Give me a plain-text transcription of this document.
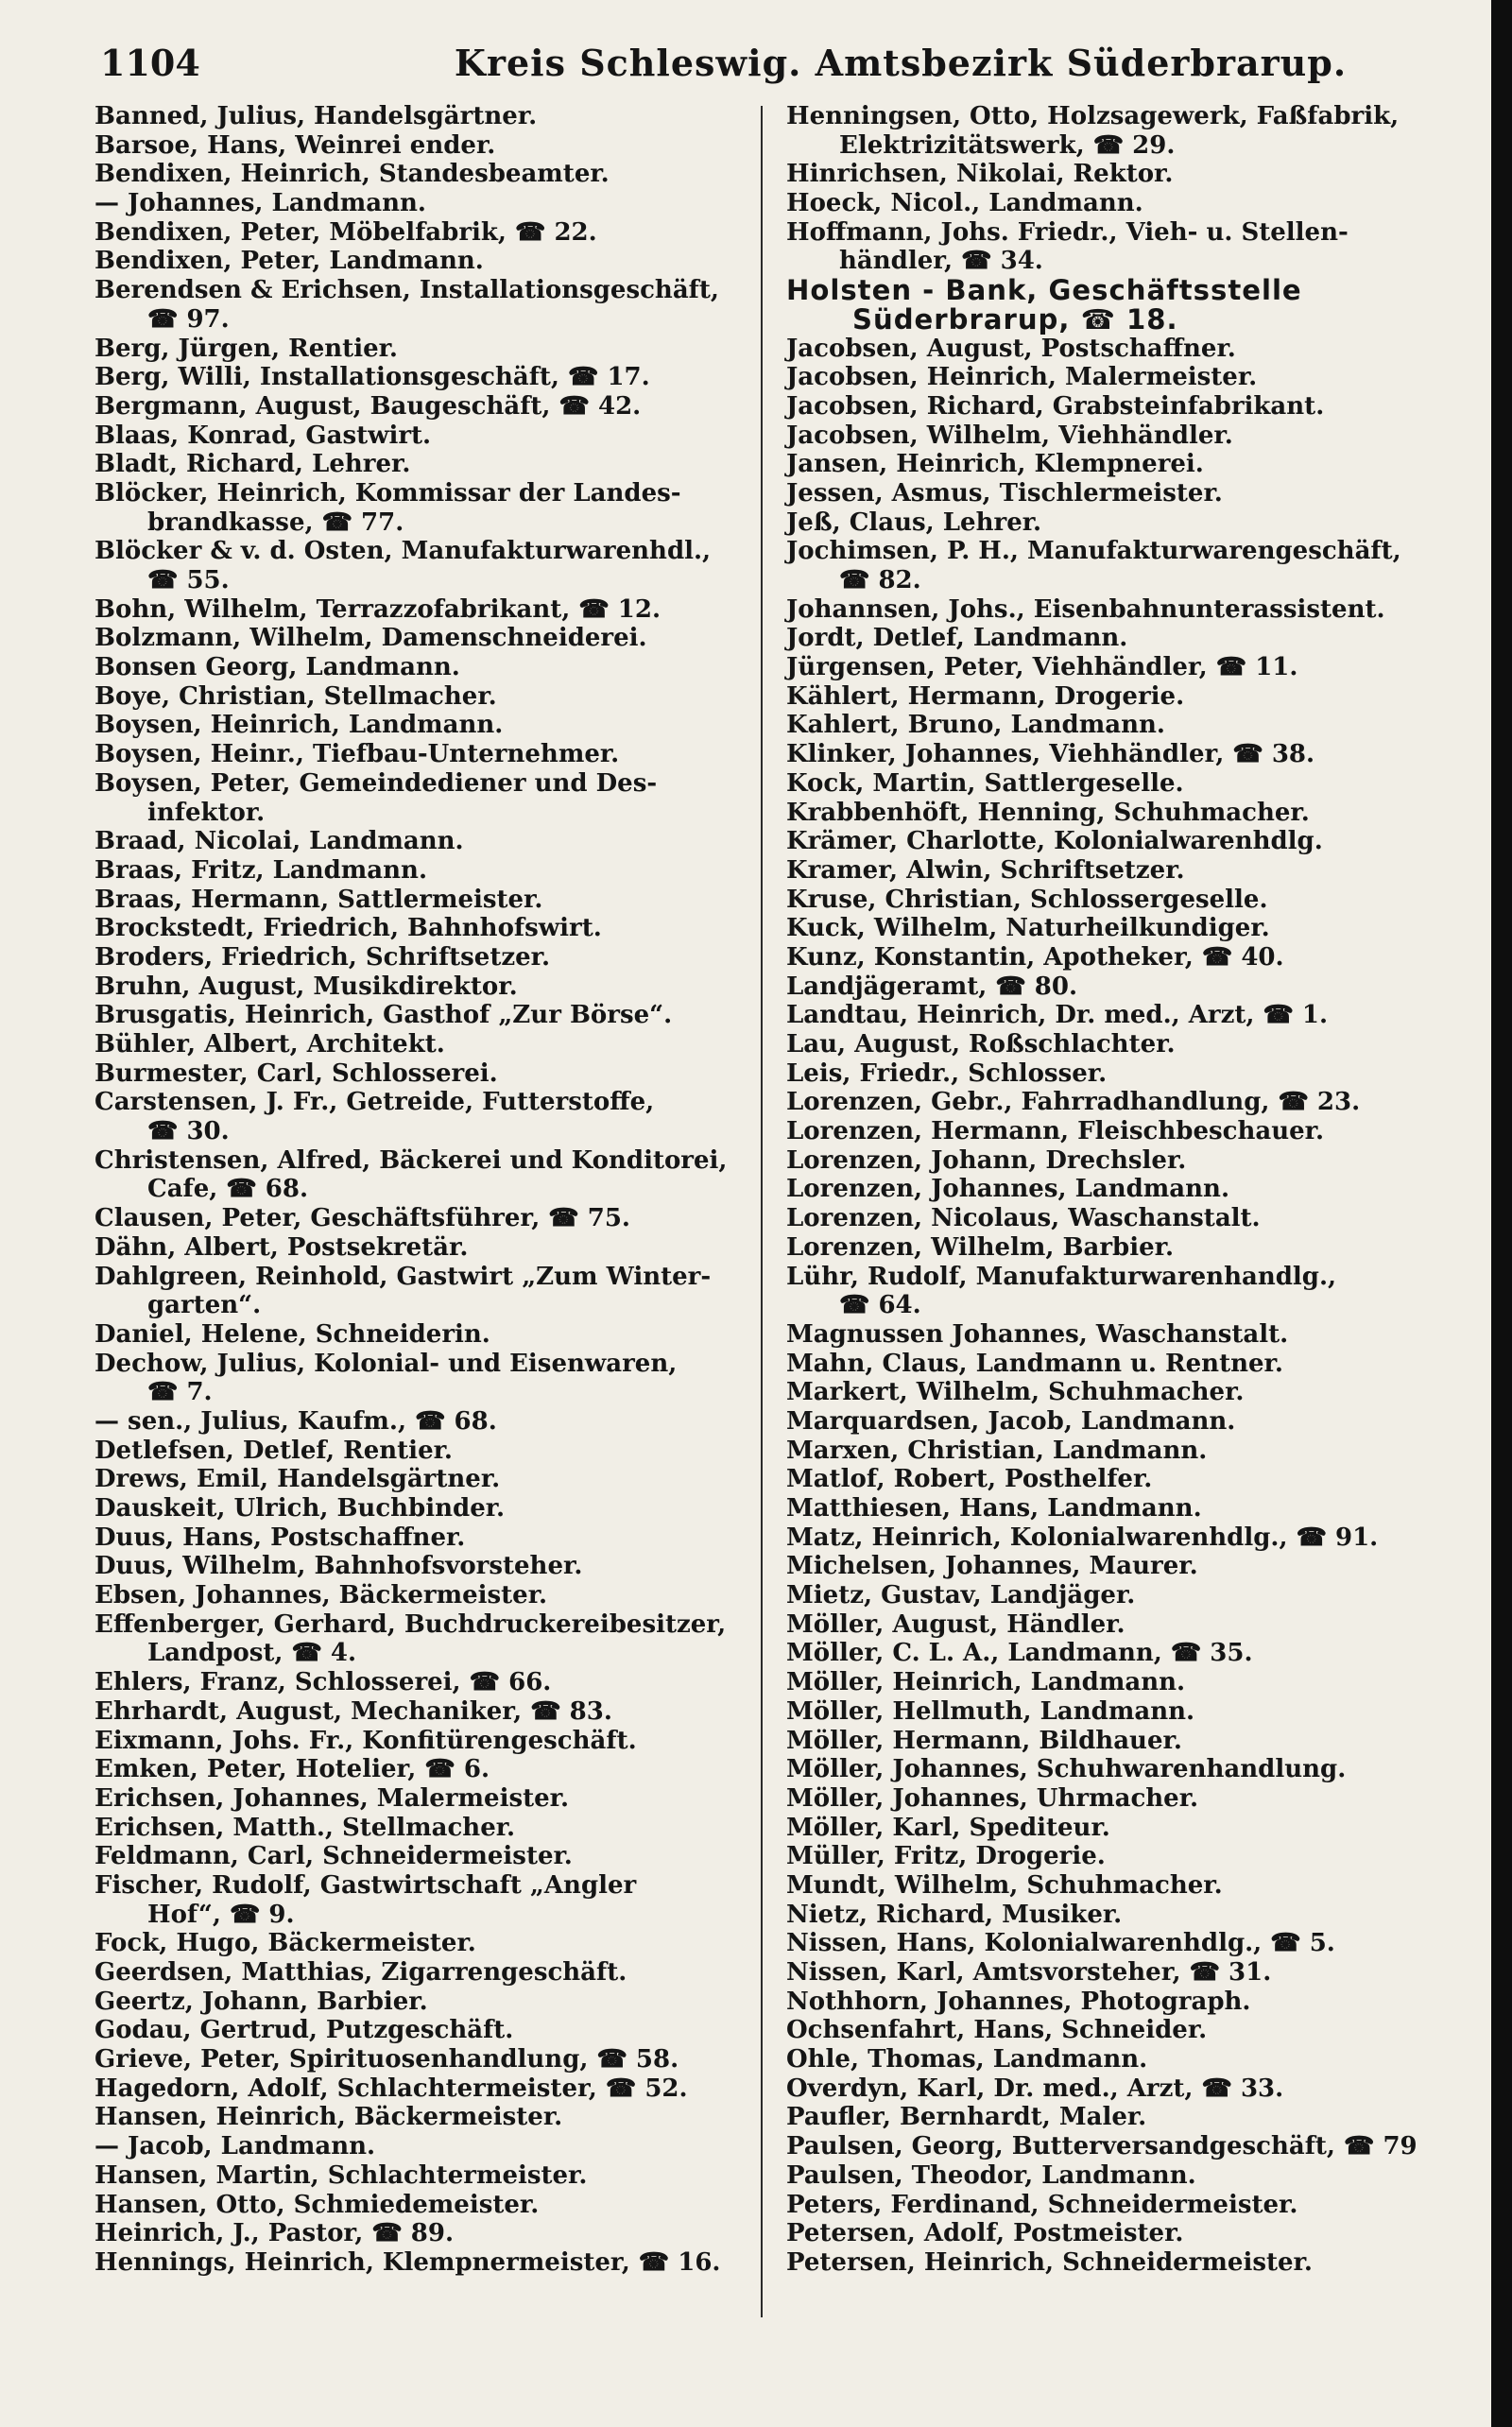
1104	Kreis Schleswig. Amtsbezirk Süderbrarup.

Banned, Julius, Handelsgärtner.

Barsoe, Hans, Weinrei ender.

Bendixen, Heinrich, Standesbeamter.

— Johannes, Landmann.

Bendixen, Peter, Möbelfabrik, ☎ 22.

Bendixen, Peter, Landmann.

Berendsen & Erichsen, Installationsgeschäft,

☎ 97.

Berg, Jürgen, Rentier.

Berg, Willi, Installationsgeschäft, ☎ 17.

Bergmann, August, Baugeschäft, ☎ 42.

Blaas, Konrad, Gastwirt.

Bladt, Richard, Lehrer.

Blöcker, Heinrich, Kommissar der Landes-

brandkasse, ☎ 77.

Blöcker & v. d. Osten, Manufakturwarenhdl.,

☎ 55.

Bohn, Wilhelm, Terrazzofabrikant, ☎ 12.

Bolzmann, Wilhelm, Damenschneiderei.

Bonsen Georg, Landmann.

Boye, Christian, Stellmacher.

Boysen, Heinrich, Landmann.

Boysen, Heinr., Tiefbau-Unternehmer.

Boysen, Peter, Gemeindediener und Des-

infektor.

Braad, Nicolai, Landmann.

Braas, Fritz, Landmann.

Braas, Hermann, Sattlermeister.

Brockstedt, Friedrich, Bahnhofswirt.

Broders, Friedrich, Schriftsetzer.

Bruhn, August, Musikdirektor.

Brusgatis, Heinrich, Gasthof „Zur Börse“.

Bühler, Albert, Architekt.

Burmester, Carl, Schlosserei.

Carstensen, J. Fr., Getreide, Futterstoffe,

☎ 30.

Christensen, Alfred, Bäckerei und Konditorei,

Cafe, ☎ 68.

Clausen, Peter, Geschäftsführer, ☎ 75.

Dähn, Albert, Postsekretär.

Dahlgreen, Reinhold, Gastwirt „Zum Winter-

garten“.

Daniel, Helene, Schneiderin.

Dechow, Julius, Kolonial- und Eisenwaren,

☎ 7.

— sen., Julius, Kaufm., ☎ 68.

Detlefsen, Detlef, Rentier.

Drews, Emil, Handelsgärtner.

Dauskeit, Ulrich, Buchbinder.

Duus, Hans, Postschaffner.

Duus, Wilhelm, Bahnhofsvorsteher.

Ebsen, Johannes, Bäckermeister.

Effenberger, Gerhard, Buchdruckereibesitzer,

Landpost, ☎ 4.

Ehlers, Franz, Schlosserei, ☎ 66.

Ehrhardt, August, Mechaniker, ☎ 83.

Eixmann, Johs. Fr., Konfitürengeschäft.

Emken, Peter, Hotelier, ☎ 6.

Erichsen, Johannes, Malermeister.

Erichsen, Matth., Stellmacher.

Feldmann, Carl, Schneidermeister.

Fischer, Rudolf, Gastwirtschaft „Angler

Hof“, ☎ 9.

Fock, Hugo, Bäckermeister.

Geerdsen, Matthias, Zigarrengeschäft.

Geertz, Johann, Barbier.

Godau, Gertrud, Putzgeschäft.

Grieve, Peter, Spirituosenhandlung, ☎ 58.

Hagedorn, Adolf, Schlachtermeister, ☎ 52.

Hansen, Heinrich, Bäckermeister.

— Jacob, Landmann.

Hansen, Martin, Schlachtermeister.

Hansen, Otto, Schmiedemeister.

Heinrich, J., Pastor, ☎ 89.

Hennings, Heinrich, Klempnermeister, ☎ 16.

Henningsen, Otto, Holzsagewerk, Faßfabrik,

Elektrizitätswerk, ☎ 29.

Hinrichsen, Nikolai, Rektor.

Hoeck, Nicol., Landmann.

Hoffmann, Johs. Friedr., Vieh- u. Stellen-

händler, ☎ 34.

Holsten - Bank, Geschäftsstelle

Süderbrarup, ☎ 18.

Jacobsen, August, Postschaffner.

Jacobsen, Heinrich, Malermeister.

Jacobsen, Richard, Grabsteinfabrikant.

Jacobsen, Wilhelm, Viehhändler.

Jansen, Heinrich, Klempnerei.

Jessen, Asmus, Tischlermeister.

Jeß, Claus, Lehrer.

Jochimsen, P. H., Manufakturwarengeschäft,

☎ 82.

Johannsen, Johs., Eisenbahnunterassistent.

Jordt, Detlef, Landmann.

Jürgensen, Peter, Viehhändler, ☎ 11.

Kählert, Hermann, Drogerie.

Kahlert, Bruno, Landmann.

Klinker, Johannes, Viehhändler, ☎ 38.

Kock, Martin, Sattlergeselle.

Krabbenhöft, Henning, Schuhmacher.

Krämer, Charlotte, Kolonialwarenhdlg.

Kramer, Alwin, Schriftsetzer.

Kruse, Christian, Schlossergeselle.

Kuck, Wilhelm, Naturheilkundiger.

Kunz, Konstantin, Apotheker, ☎ 40.

Landjägeramt, ☎ 80.

Landtau, Heinrich, Dr. med., Arzt, ☎ 1.

Lau, August, Roßschlachter.

Leis, Friedr., Schlosser.

Lorenzen, Gebr., Fahrradhandlung, ☎ 23.

Lorenzen, Hermann, Fleischbeschauer.

Lorenzen, Johann, Drechsler.

Lorenzen, Johannes, Landmann.

Lorenzen, Nicolaus, Waschanstalt.

Lorenzen, Wilhelm, Barbier.

Lühr, Rudolf, Manufakturwarenhandlg.,

☎ 64.

Magnussen Johannes, Waschanstalt.

Mahn, Claus, Landmann u. Rentner.

Markert, Wilhelm, Schuhmacher.

Marquardsen, Jacob, Landmann.

Marxen, Christian, Landmann.

Matlof, Robert, Posthelfer.

Matthiesen, Hans, Landmann.

Matz, Heinrich, Kolonialwarenhdlg., ☎ 91.

Michelsen, Johannes, Maurer.

Mietz, Gustav, Landjäger.

Möller, August, Händler.

Möller, C. L. A., Landmann, ☎ 35.

Möller, Heinrich, Landmann.

Möller, Hellmuth, Landmann.

Möller, Hermann, Bildhauer.

Möller, Johannes, Schuhwarenhandlung.

Möller, Johannes, Uhrmacher.

Möller, Karl, Spediteur.

Müller, Fritz, Drogerie.

Mundt, Wilhelm, Schuhmacher.

Nietz, Richard, Musiker.

Nissen, Hans, Kolonialwarenhdlg., ☎ 5.

Nissen, Karl, Amtsvorsteher, ☎ 31.

Nothhorn, Johannes, Photograph.

Ochsenfahrt, Hans, Schneider.

Ohle, Thomas, Landmann.

Overdyn, Karl, Dr. med., Arzt, ☎ 33.

Paufler, Bernhardt, Maler.

Paulsen, Georg, Butterversandgeschäft, ☎ 79

Paulsen, Theodor, Landmann.

Peters, Ferdinand, Schneidermeister.

Petersen, Adolf, Postmeister.

Petersen, Heinrich, Schneidermeister.
